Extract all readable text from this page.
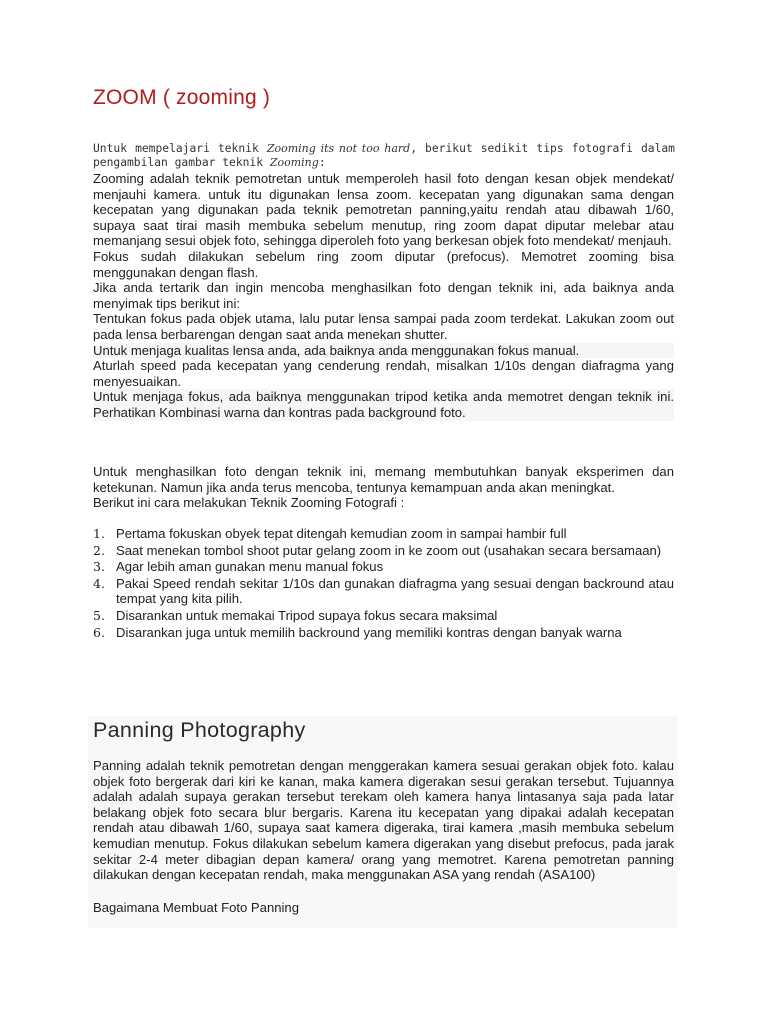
ZOOM ( zooming )

Untuk mempelajari teknik Zooming its not too hard, berikut sedikit tips fotografi dalam pengambilan gambar teknik Zooming:

Zooming adalah teknik pemotretan untuk memperoleh hasil foto dengan kesan objek mendekat/ menjauhi kamera. untuk itu digunakan lensa zoom. kecepatan yang digunakan sama dengan kecepatan yang digunakan pada teknik pemotretan panning,yaitu rendah atau dibawah 1/60, supaya saat tirai masih membuka sebelum menutup, ring zoom dapat diputar melebar atau memanjang sesui objek foto, sehingga diperoleh foto yang berkesan objek foto mendekat/ menjauh.

Fokus sudah dilakukan sebelum ring zoom diputar (prefocus). Memotret zooming bisa menggunakan dengan flash.

Jika anda tertarik dan ingin mencoba menghasilkan foto dengan teknik ini, ada baiknya anda menyimak tips berikut ini:

Tentukan fokus pada objek utama, lalu putar lensa sampai pada zoom terdekat. Lakukan zoom out pada lensa berbarengan dengan saat anda menekan shutter.

Untuk menjaga kualitas lensa anda, ada baiknya anda menggunakan fokus manual.

Aturlah speed pada kecepatan yang cenderung rendah, misalkan 1/10s dengan diafragma yang menyesuaikan.

Untuk menjaga fokus, ada baiknya menggunakan tripod ketika anda memotret dengan teknik ini. Perhatikan Kombinasi warna dan kontras pada background foto.

Untuk menghasilkan foto dengan teknik ini, memang membutuhkan banyak eksperimen dan ketekunan. Namun jika anda terus mencoba, tentunya kemampuan anda akan meningkat.

Berikut ini cara melakukan Teknik Zooming Fotografi :

1. Pertama fokuskan obyek tepat ditengah kemudian zoom in sampai hambir full
2. Saat menekan tombol shoot putar gelang zoom in ke zoom out (usahakan secara bersamaan)
3. Agar lebih aman gunakan menu manual fokus
4. Pakai Speed rendah sekitar 1/10s dan gunakan diafragma yang sesuai dengan backround atau tempat yang kita pilih.
5. Disarankan untuk memakai Tripod supaya fokus secara maksimal
6. Disarankan juga untuk memilih backround yang memiliki kontras dengan banyak warna
Panning Photography

Panning adalah teknik pemotretan dengan menggerakan kamera sesuai gerakan objek foto. kalau objek foto bergerak dari kiri ke kanan, maka kamera digerakan sesui gerakan tersebut. Tujuannya adalah adalah supaya gerakan tersebut terekam oleh kamera hanya lintasanya saja pada latar belakang objek foto secara blur bergaris. Karena itu kecepatan yang dipakai adalah kecepatan rendah atau dibawah 1/60, supaya saat kamera digeraka, tirai kamera ,masih membuka sebelum kemudian menutup. Fokus dilakukan sebelum kamera digerakan yang disebut prefocus, pada jarak sekitar 2-4 meter dibagian depan kamera/ orang yang memotret. Karena pemotretan panning dilakukan dengan kecepatan rendah, maka menggunakan ASA yang rendah (ASA100)

Bagaimana Membuat Foto Panning
